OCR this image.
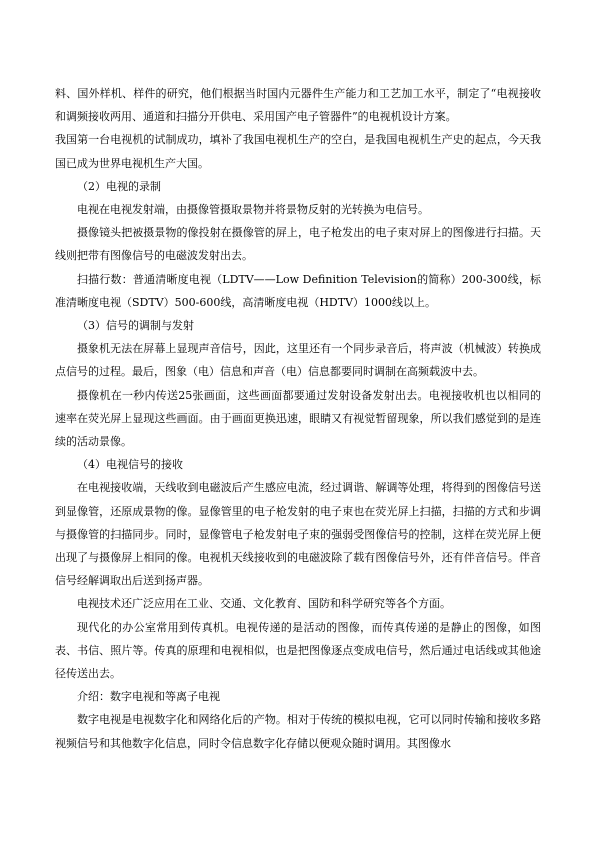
料、国外样机、样件的研究，他们根据当时国内元器件生产能力和工艺加工水平，制定了“电视接收和调频接收两用、通道和扫描分开供电、采用国产电子管器件”的电视机设计方案。

我国第一台电视机的试制成功，填补了我国电视机生产的空白，是我国电视机生产史的起点，今天我国已成为世界电视机生产大国。

（2）电视的录制

电视在电视发射端，由摄像管摄取景物并将景物反射的光转换为电信号。

摄像镜头把被摄景物的像投射在摄像管的屏上，电子枪发出的电子束对屏上的图像进行扫描。天线则把带有图像信号的电磁波发射出去。

扫描行数：普通清晰度电视（LDTV——Low Definition Television的简称）200-300线，标准清晰度电视（SDTV）500-600线，高清晰度电视（HDTV）1000线以上。

（3）信号的调制与发射

摄象机无法在屏幕上显现声音信号，因此，这里还有一个同步录音后，将声波（机械波）转换成点信号的过程。最后，图象（电）信息和声音（电）信息都要同时调制在高频载波中去。

摄像机在一秒内传送25张画面，这些画面都要通过发射设备发射出去。电视接收机也以相同的速率在荧光屏上显现这些画面。由于画面更换迅速，眼睛又有视觉暂留现象，所以我们感觉到的是连续的活动景像。

（4）电视信号的接收

在电视接收端，天线收到电磁波后产生感应电流，经过调谐、解调等处理，将得到的图像信号送到显像管，还原成景物的像。显像管里的电子枪发射的电子束也在荧光屏上扫描，扫描的方式和步调与摄像管的扫描同步。同时，显像管电子枪发射电子束的强弱受图像信号的控制，这样在荧光屏上便出现了与摄像屏上相同的像。电视机天线接收到的电磁波除了载有图像信号外，还有伴音信号。伴音信号经解调取出后送到扬声器。

电视技术还广泛应用在工业、交通、文化教育、国防和科学研究等各个方面。

现代化的办公室常用到传真机。电视传递的是活动的图像，而传真传递的是静止的图像，如图表、书信、照片等。传真的原理和电视相似，也是把图像逐点变成电信号，然后通过电话线或其他途径传送出去。

介绍：数字电视和等离子电视

数字电视是电视数字化和网络化后的产物。相对于传统的模拟电视，它可以同时传输和接收多路视频信号和其他数字化信息，同时令信息数字化存储以便观众随时调用。其图像水
